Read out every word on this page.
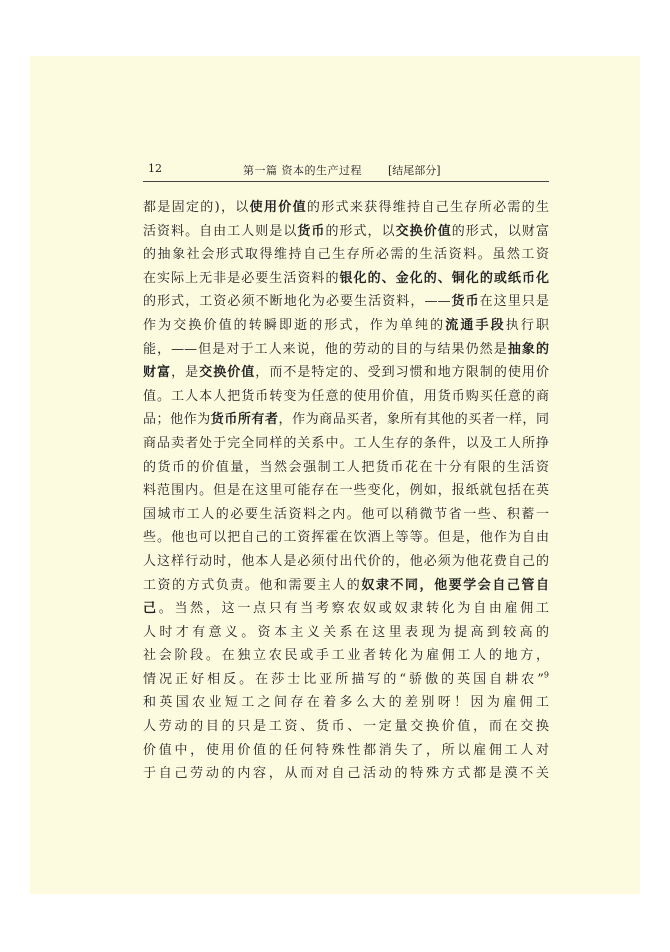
12	第一篇 资本的生产过程 [结尾部分]
都是固定的)，以使用价值的形式来获得维持自己生存所必需的生
活资料。自由工人则是以货币的形式，以交换价值的形式，以财富
的抽象社会形式取得维持自己生存所必需的生活资料。虽然工资
在实际上无非是必要生活资料的银化的、金化的、铜化的或纸币化
的形式，工资必须不断地化为必要生活资料，——货币在这里只是
作为交换价值的转瞬即逝的形式，作为单纯的流通手段执行职
能，——但是对于工人来说，他的劳动的目的与结果仍然是抽象的
财富，是交换价值，而不是特定的、受到习惯和地方限制的使用价
值。工人本人把货币转变为任意的使用价值，用货币购买任意的商
品；他作为货币所有者，作为商品买者，象所有其他的买者一样，同
商品卖者处于完全同样的关系中。工人生存的条件，以及工人所挣
的货币的价值量，当然会强制工人把货币花在十分有限的生活资
料范围内。但是在这里可能存在一些变化，例如，报纸就包括在英
国城市工人的必要生活资料之内。他可以稍微节省一些、积蓄一
些。他也可以把自己的工资挥霍在饮酒上等等。但是，他作为自由
人这样行动时，他本人是必须付出代价的，他必须为他花费自己的
工资的方式负责。他和需要主人的奴隶不同，他要学会自己管自
己。当然，这一点只有当考察农奴或奴隶转化为自由雇佣工
人时才有意义。资本主义关系在这里表现为提高到较高的
社会阶段。在独立农民或手工业者转化为雇佣工人的地方，
情况正好相反。在莎士比亚所描写的“骄傲的英国自耕农”$^9$
和英国农业短工之间存在着多么大的差别呀！因为雇佣工
人劳动的目的只是工资、货币、一定量交换价值，而在交换
价值中，使用价值的任何特殊性都消失了，所以雇佣工人对
于自己劳动的内容，从而对自己活动的特殊方式都是漠不关
